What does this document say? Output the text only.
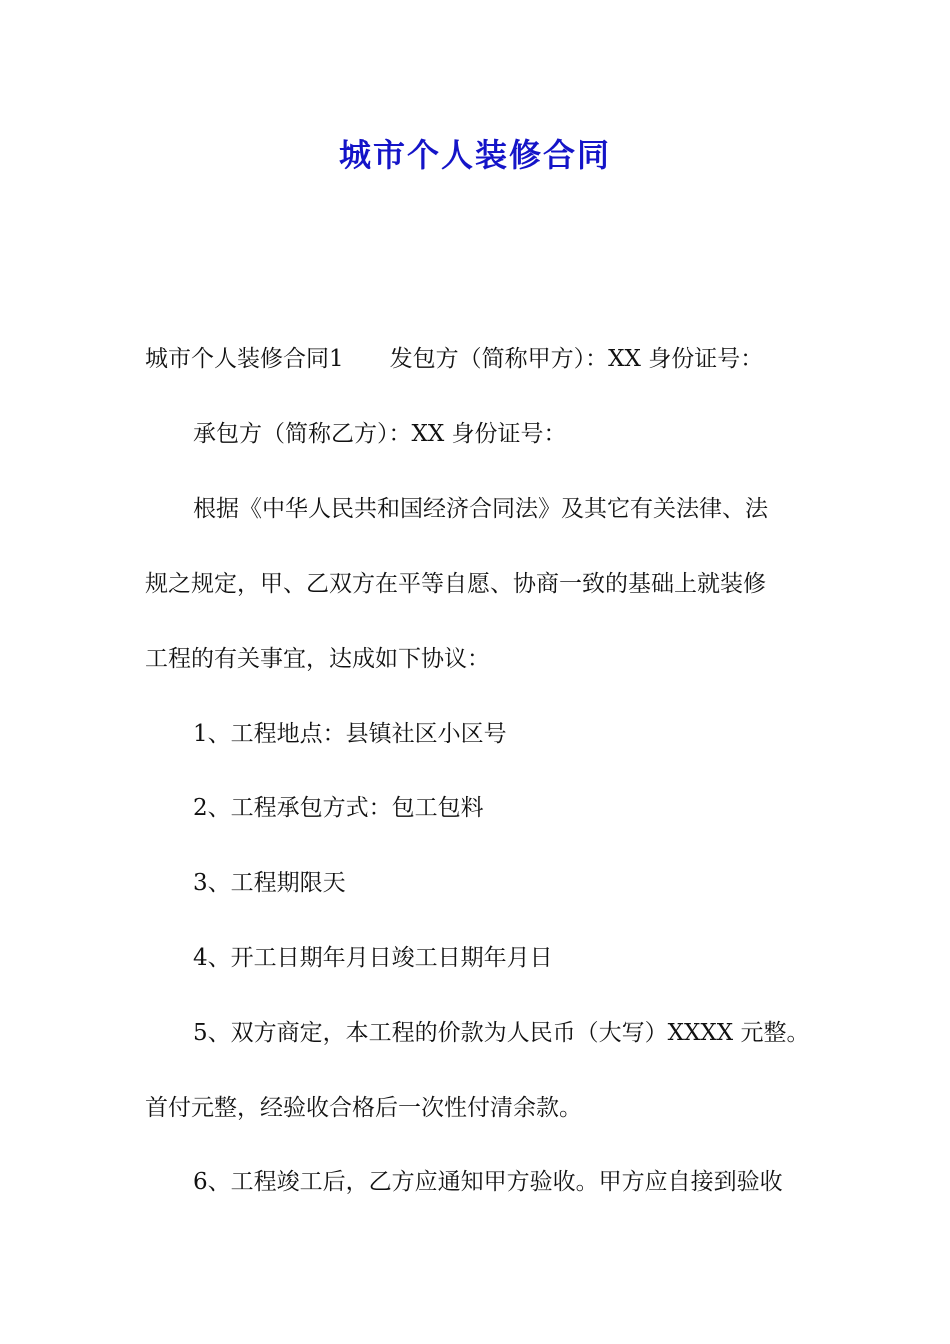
城市个人装修合同
城市个人装修合同1　　发包方（简称甲方）：XX 身份证号：
承包方（简称乙方）：XX 身份证号：
根据《中华人民共和国经济合同法》及其它有关法律、法
规之规定，甲、乙双方在平等自愿、协商一致的基础上就装修
工程的有关事宜，达成如下协议：
1、工程地点：县镇社区小区号
2、工程承包方式：包工包料
3、工程期限天
4、开工日期年月日竣工日期年月日
5、双方商定，本工程的价款为人民币（大写）XXXX 元整。
首付元整，经验收合格后一次性付清余款。
6、工程竣工后，乙方应通知甲方验收。甲方应自接到验收
